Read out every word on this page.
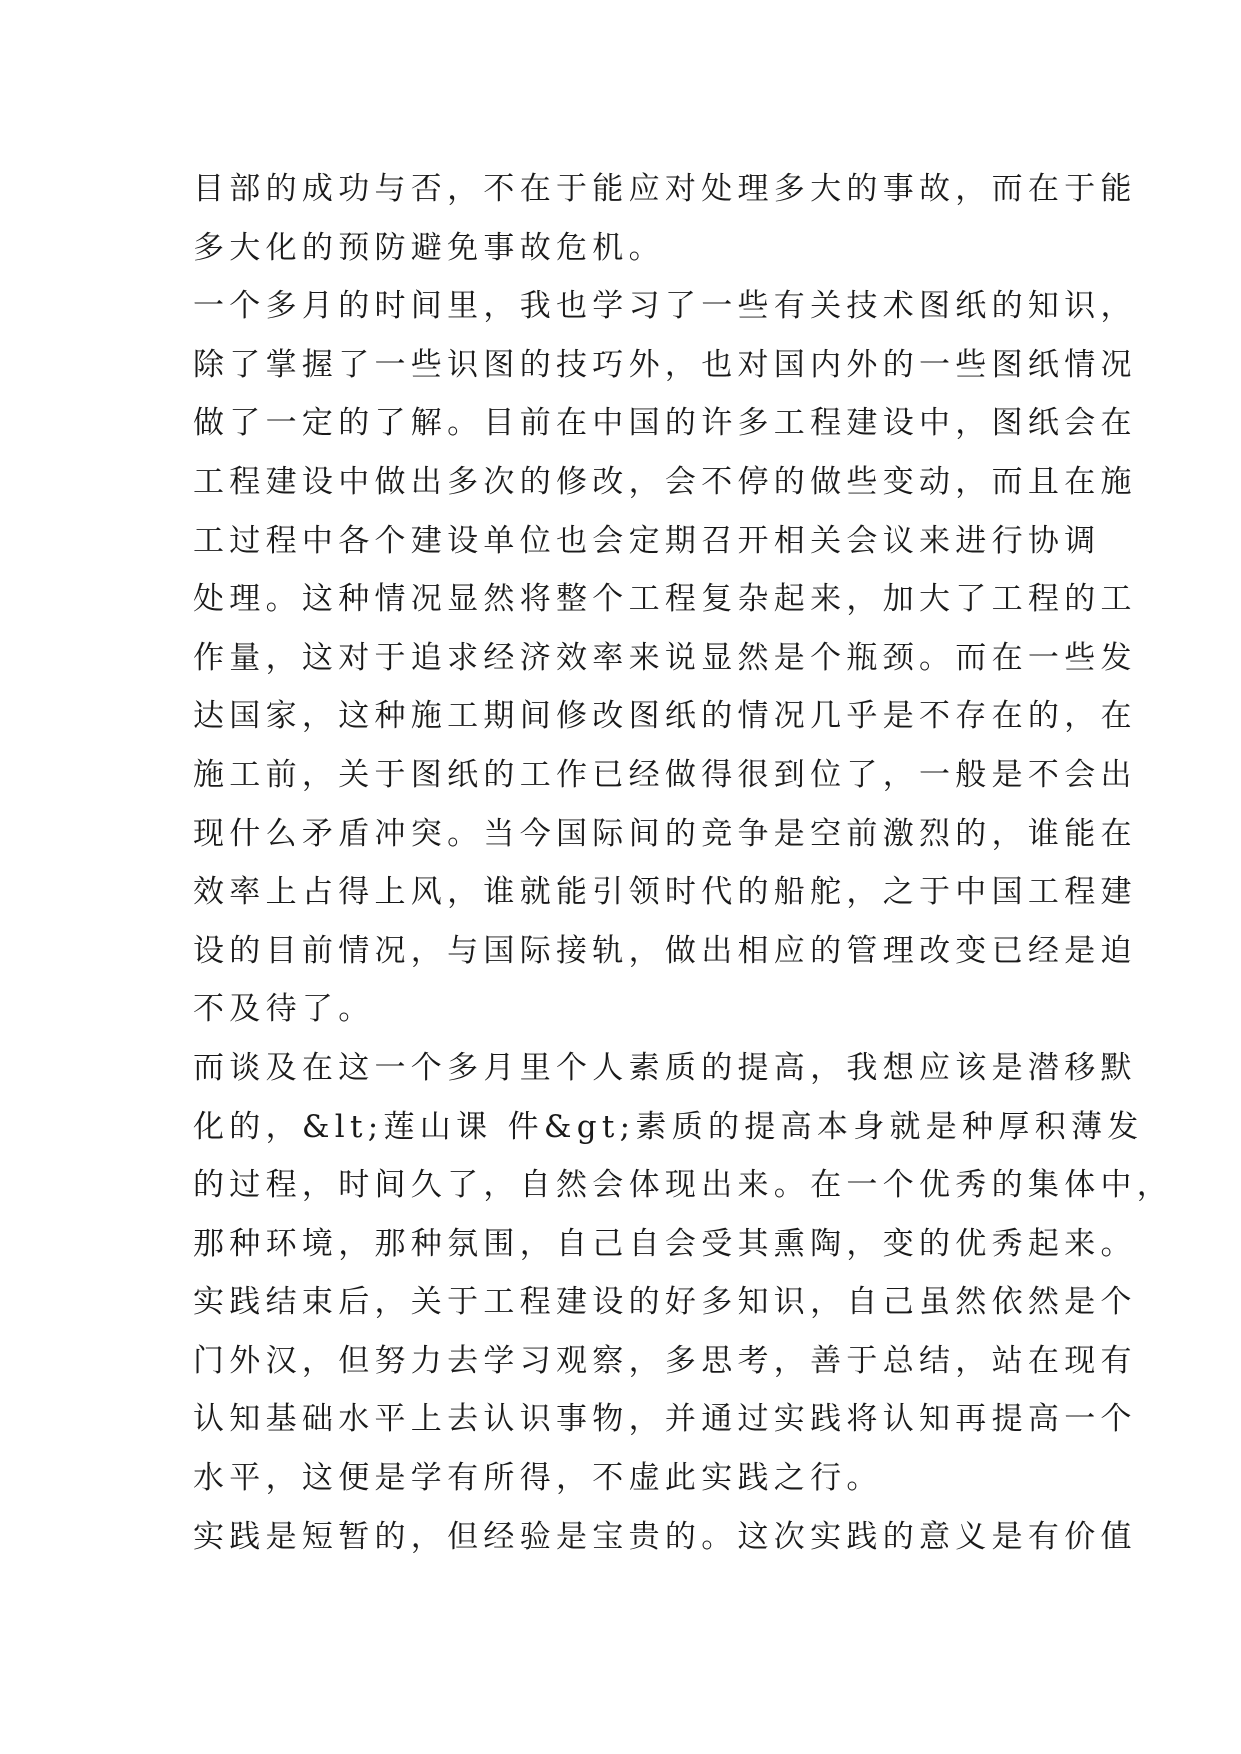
目部的成功与否，不在于能应对处理多大的事故，而在于能
多大化的预防避免事故危机。
一个多月的时间里，我也学习了一些有关技术图纸的知识，
除了掌握了一些识图的技巧外，也对国内外的一些图纸情况
做了一定的了解。目前在中国的许多工程建设中，图纸会在
工程建设中做出多次的修改，会不停的做些变动，而且在施
工过程中各个建设单位也会定期召开相关会议来进行协调
处理。这种情况显然将整个工程复杂起来，加大了工程的工
作量，这对于追求经济效率来说显然是个瓶颈。而在一些发
达国家，这种施工期间修改图纸的情况几乎是不存在的，在
施工前，关于图纸的工作已经做得很到位了，一般是不会出
现什么矛盾冲突。当今国际间的竞争是空前激烈的，谁能在
效率上占得上风，谁就能引领时代的船舵，之于中国工程建
设的目前情况，与国际接轨，做出相应的管理改变已经是迫
不及待了。
而谈及在这一个多月里个人素质的提高，我想应该是潜移默
化的，&lt;莲山课 件&gt;素质的提高本身就是种厚积薄发
的过程，时间久了，自然会体现出来。在一个优秀的集体中，
那种环境，那种氛围，自己自会受其熏陶，变的优秀起来。
实践结束后，关于工程建设的好多知识，自己虽然依然是个
门外汉，但努力去学习观察，多思考，善于总结，站在现有
认知基础水平上去认识事物，并通过实践将认知再提高一个
水平，这便是学有所得，不虚此实践之行。
实践是短暂的，但经验是宝贵的。这次实践的意义是有价值
